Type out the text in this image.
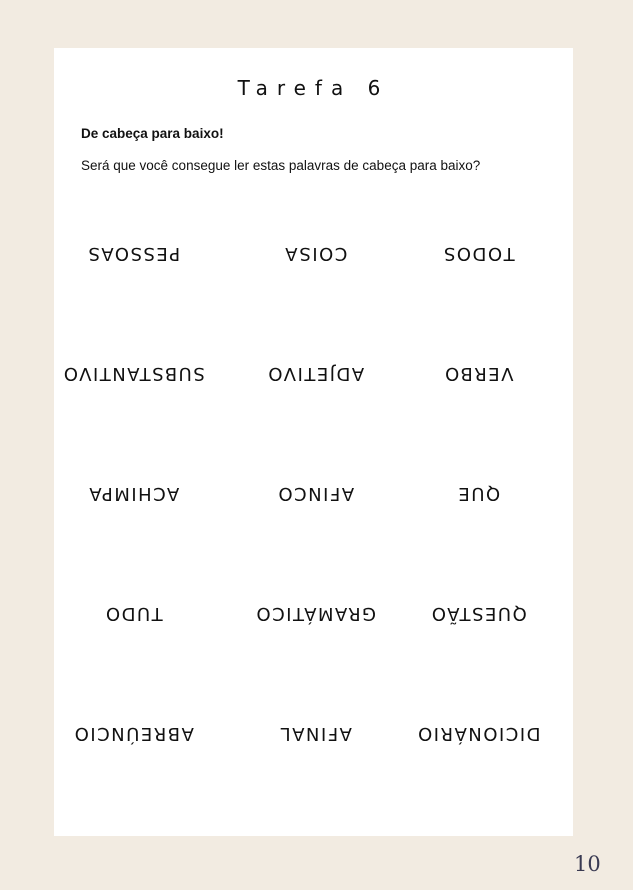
Tarefa 6
De cabeça para baixo!
Será que você consegue ler estas palavras de cabeça para baixo?
PESSOAS	COISA	TODOS
SUBSTANTIVO	ADJETIVO	VERBO
ACHIMPA	AFINCO	QUE
TUDO	GRAMÁTICO	QUESTÃO
ABREÚNCIO	AFINAL	DICIONÁRIO
10
